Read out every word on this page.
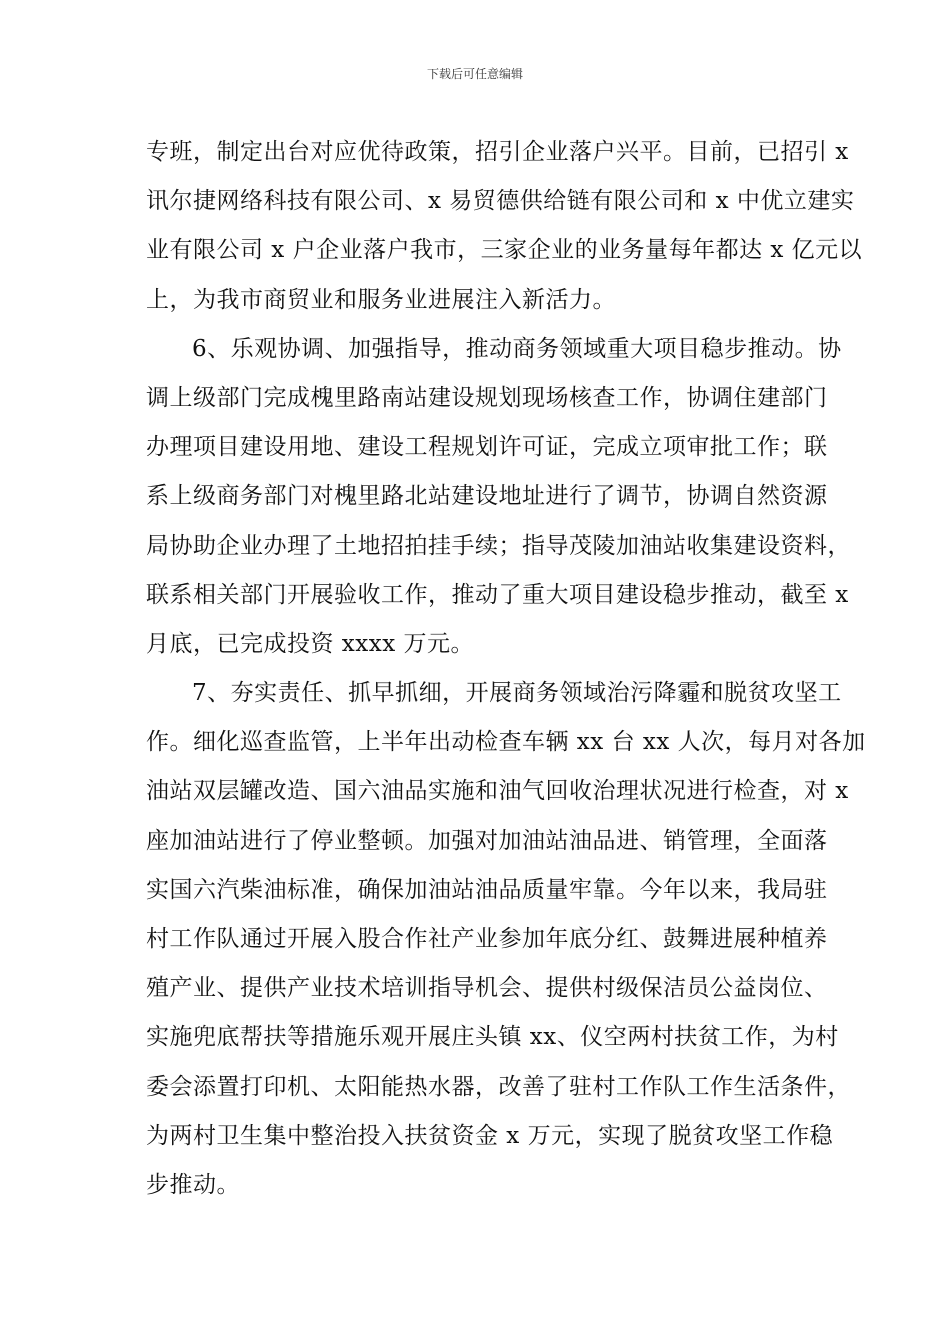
下载后可任意编辑
专班，制定出台对应优待政策，招引企业落户兴平。目前，已招引 x
讯尔捷网络科技有限公司、x 易贸德供给链有限公司和 x 中优立建实
业有限公司 x 户企业落户我市，三家企业的业务量每年都达 x 亿元以
上，为我市商贸业和服务业进展注入新活力。
6、乐观协调、加强指导，推动商务领域重大项目稳步推动。协
调上级部门完成槐里路南站建设规划现场核查工作，协调住建部门
办理项目建设用地、建设工程规划许可证，完成立项审批工作；联
系上级商务部门对槐里路北站建设地址进行了调节，协调自然资源
局协助企业办理了土地招拍挂手续；指导茂陵加油站收集建设资料，
联系相关部门开展验收工作，推动了重大项目建设稳步推动，截至 x
月底，已完成投资 xxxx 万元。
7、夯实责任、抓早抓细，开展商务领域治污降霾和脱贫攻坚工
作。细化巡查监管，上半年出动检查车辆 xx 台 xx 人次，每月对各加
油站双层罐改造、国六油品实施和油气回收治理状况进行检查，对 x
座加油站进行了停业整顿。加强对加油站油品进、销管理，全面落
实国六汽柴油标准，确保加油站油品质量牢靠。今年以来，我局驻
村工作队通过开展入股合作社产业参加年底分红、鼓舞进展种植养
殖产业、提供产业技术培训指导机会、提供村级保洁员公益岗位、
实施兜底帮扶等措施乐观开展庄头镇 xx、仪空两村扶贫工作，为村
委会添置打印机、太阳能热水器，改善了驻村工作队工作生活条件，
为两村卫生集中整治投入扶贫资金 x 万元，实现了脱贫攻坚工作稳
步推动。
